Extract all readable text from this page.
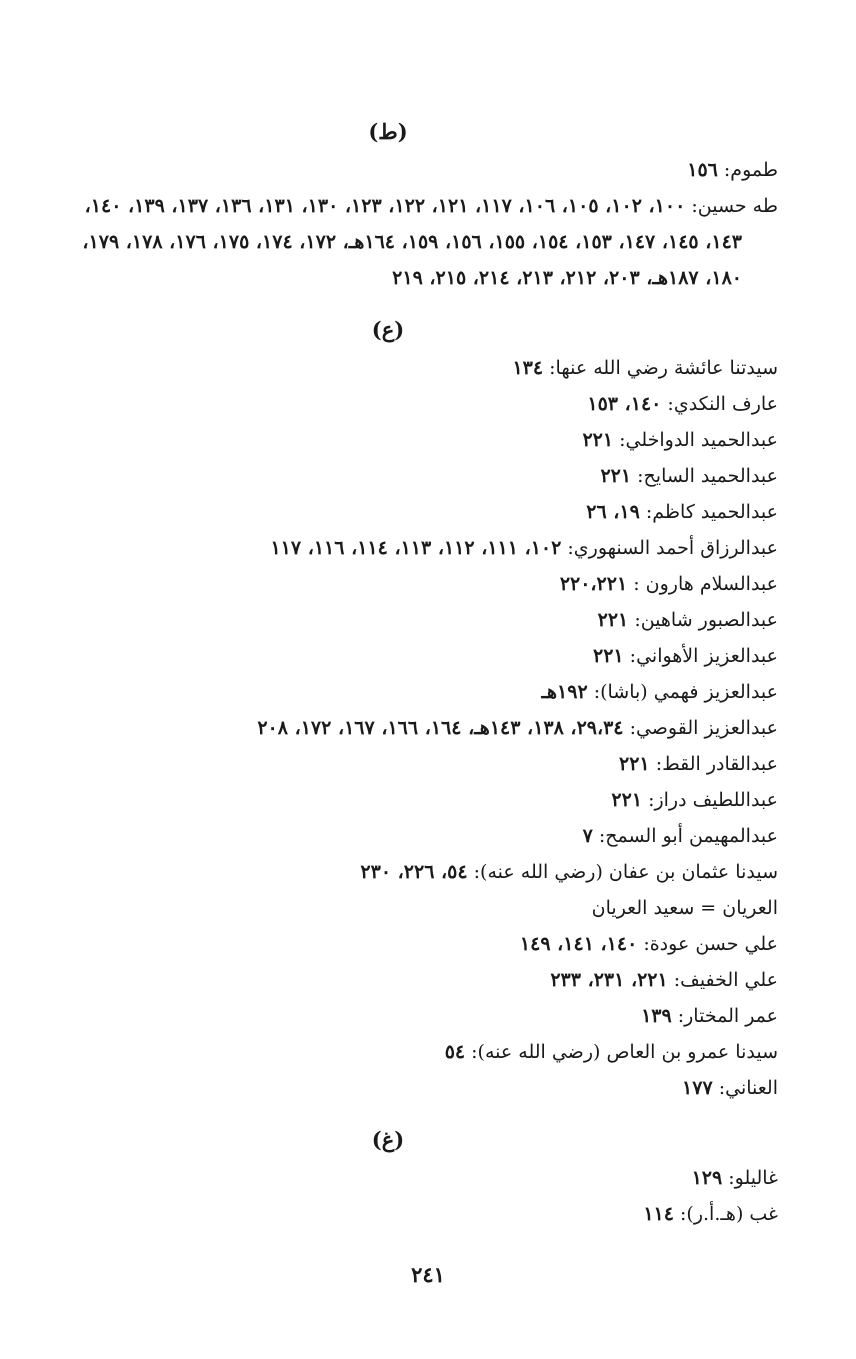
(ط)
طموم: ١٥٦
طه حسين: ١٠٠، ١٠٢، ١٠٥، ١٠٦، ١١٧، ١٢١، ١٢٢، ١٢٣، ١٣٠، ١٣١، ١٣٦، ١٣٧، ١٣٩، ١٤٠، ١٤٣، ١٤٥، ١٤٧، ١٥٣، ١٥٤، ١٥٥، ١٥٦، ١٥٩، ١٦٤هـ، ١٧٢، ١٧٤، ١٧٥، ١٧٦، ١٧٨، ١٧٩، ١٨٠، ١٨٧هـ، ٢٠٣، ٢١٢، ٢١٣، ٢١٤، ٢١٥، ٢١٩
(ع)
سيدتنا عائشة رضي الله عنها: ١٣٤
عارف النكدي: ١٤٠، ١٥٣
عبدالحميد الدواخلي: ٢٢١
عبدالحميد السايح: ٢٢١
عبدالحميد كاظم: ١٩، ٢٦
عبدالرزاق أحمد السنهوري: ١٠٢، ١١١، ١١٢، ١١٣، ١١٤، ١١٦، ١١٧
عبدالسلام هارون : ٢٢٠،٢٢١
عبدالصبور شاهين: ٢٢١
عبدالعزيز الأهواني: ٢٢١
عبدالعزيز فهمي (باشا): ١٩٢هـ
عبدالعزيز القوصي: ٢٩،٣٤، ١٣٨، ١٤٣هـ، ١٦٤، ١٦٦، ١٦٧، ١٧٢، ٢٠٨
عبدالقادر القط: ٢٢١
عبداللطيف دراز: ٢٢١
عبدالمهيمن أبو السمح: ٧
سيدنا عثمان بن عفان (رضي الله عنه): ٥٤، ٢٢٦، ٢٣٠
العريان = سعيد العريان
علي حسن عودة: ١٤٠، ١٤١، ١٤٩
علي الخفيف: ٢٢١، ٢٣١، ٢٣٣
عمر المختار: ١٣٩
سيدنا عمرو بن العاص (رضي الله عنه): ٥٤
العناني: ١٧٧
(غ)
غاليلو: ١٢٩
غب (هـ.أ.ر): ١١٤
٢٤١
